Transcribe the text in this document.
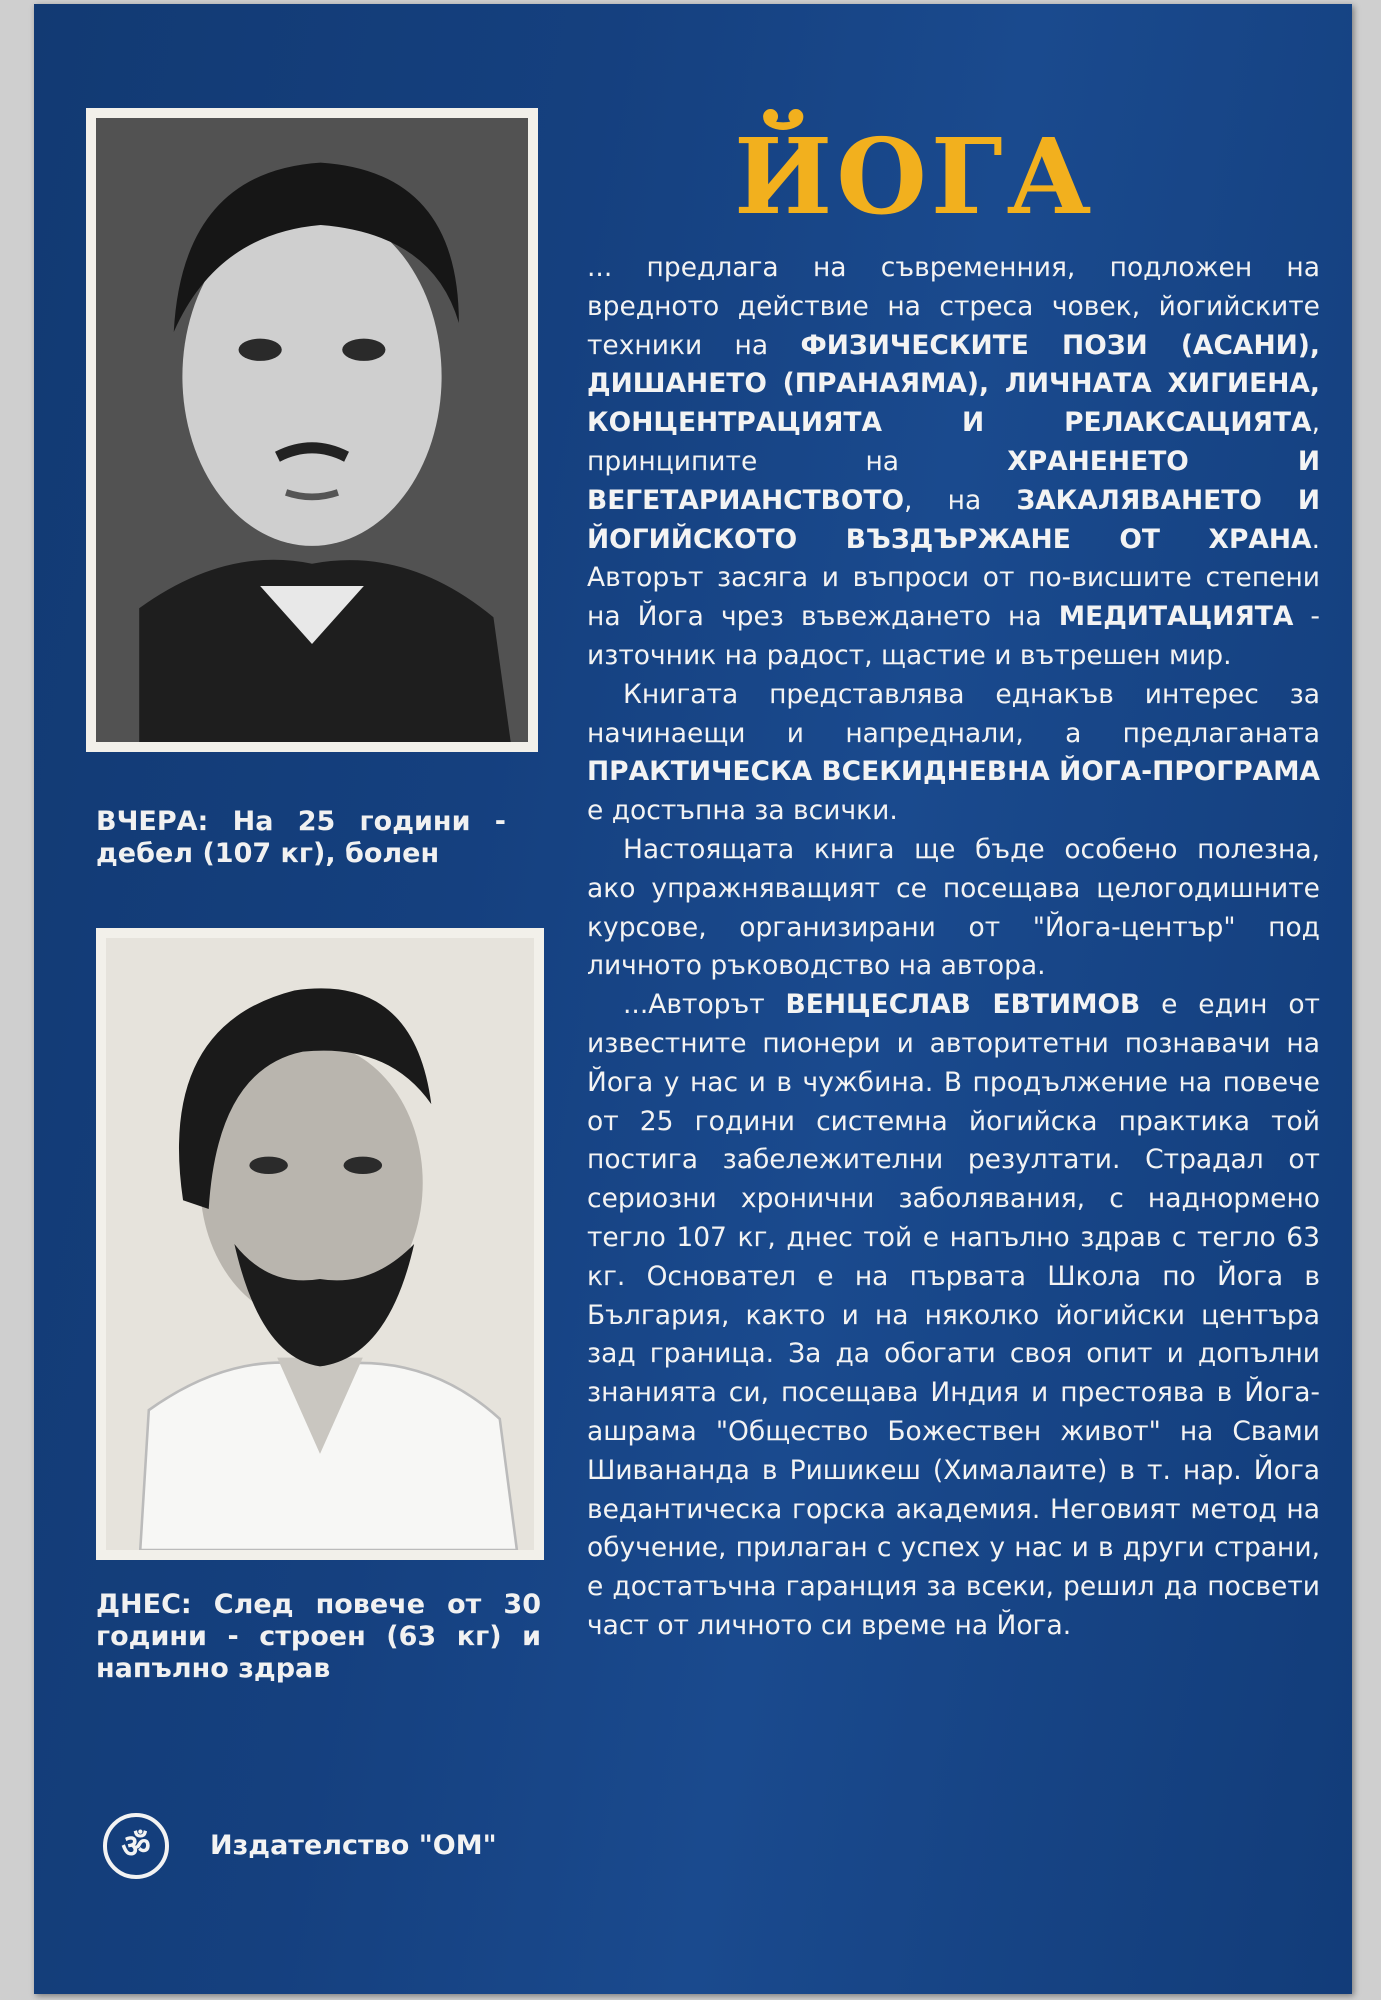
ВЧЕРА: На 25 години - дебел (107 кг), болен
ДНЕС: След повече от 30 години - строен (63 кг) и напълно здрав
ЙОГА

... предлага на съвременния, подложен на вредното действие на стреса човек, йогийските техники на ФИЗИЧЕСКИТЕ ПОЗИ (АСАНИ), ДИШАНЕТО (ПРАНАЯМА), ЛИЧНАТА ХИГИЕНА, КОНЦЕНТРАЦИЯТА И РЕЛАКСАЦИЯТА, принципите на ХРАНЕНЕТО И ВЕГЕТАРИАНСТВОТО, на ЗАКАЛЯВАНЕТО И ЙОГИЙСКОТО ВЪЗДЪРЖАНЕ ОТ ХРАНА. Авторът засяга и въпроси от по-висшите степени на Йога чрез въвеждането на МЕДИТАЦИЯТА - източник на радост, щастие и вътрешен мир.

Книгата представлява еднакъв интерес за начинаещи и напреднали, а предлаганата ПРАКТИЧЕСКА ВСЕКИДНЕВНА ЙОГА-ПРОГРАМА е достъпна за всички.

Настоящата книга ще бъде особено полезна, ако упражняващият се посещава целогодишните курсове, организирани от "Йога-център" под личното ръководство на автора.

...Авторът ВЕНЦЕСЛАВ ЕВТИМОВ е един от известните пионери и авторитетни познавачи на Йога у нас и в чужбина. В продължение на повече от 25 години системна йогийска практика той постига забележителни резултати. Страдал от сериозни хронични заболявания, с наднормено тегло 107 кг, днес той е напълно здрав с тегло 63 кг. Основател е на първата Школа по Йога в България, както и на няколко йогийски центъра зад граница. За да обогати своя опит и допълни знанията си, посещава Индия и престоява в Йога-ашрама "Общество Божествен живот" на Свами Шивананда в Ришикеш (Хималаите) в т. нар. Йога ведантическа горска академия. Неговият метод на обучение, прилаган с успех у нас и в други страни, е достатъчна гаранция за всеки, решил да посвети част от личното си време на Йога.

ॐ Издателство "ОМ"
